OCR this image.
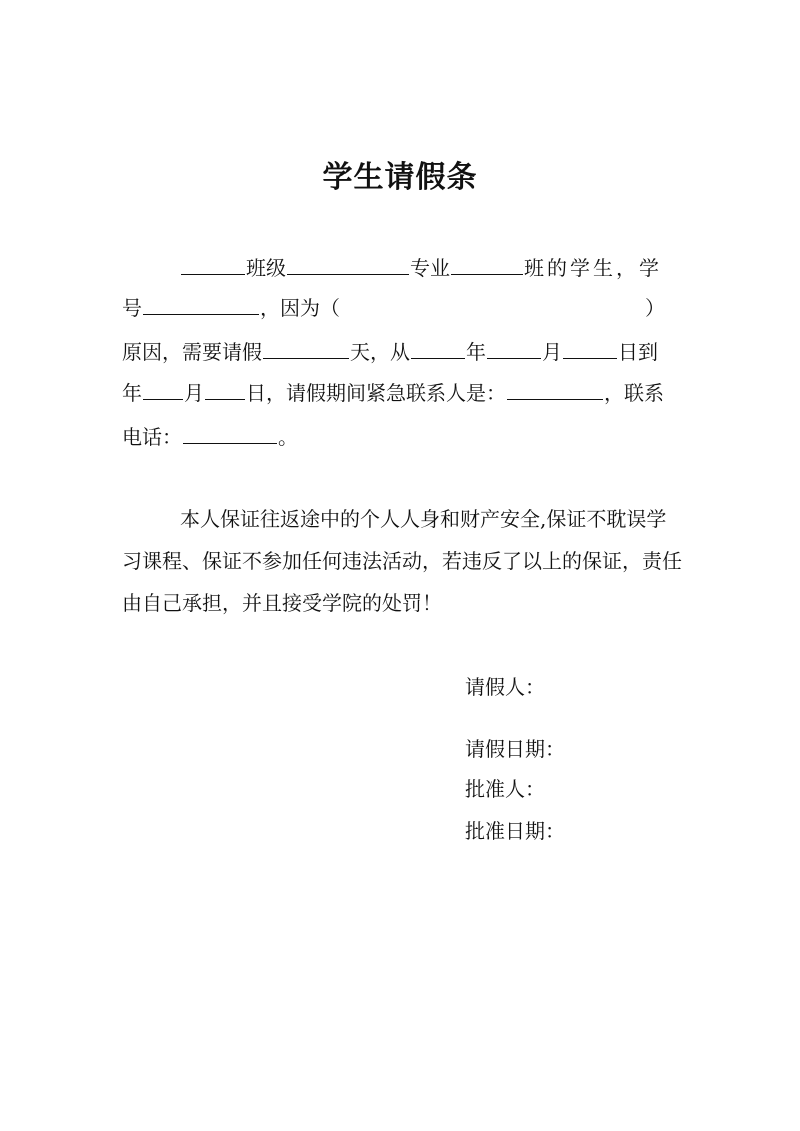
学生请假条
班级	专业	班的学生，学
号	，因为（	）
原因，需要请假	天，从	年	月	日到
年 月 日，请假期间紧急联系人是：	，联系
电话：	。
本人保证往返途中的个人人身和财产安全,保证不耽误学
习课程、保证不参加任何违法活动，若违反了以上的保证，责任
由自己承担，并且接受学院的处罚！
请假人：
请假日期：
批准人：
批准日期：
